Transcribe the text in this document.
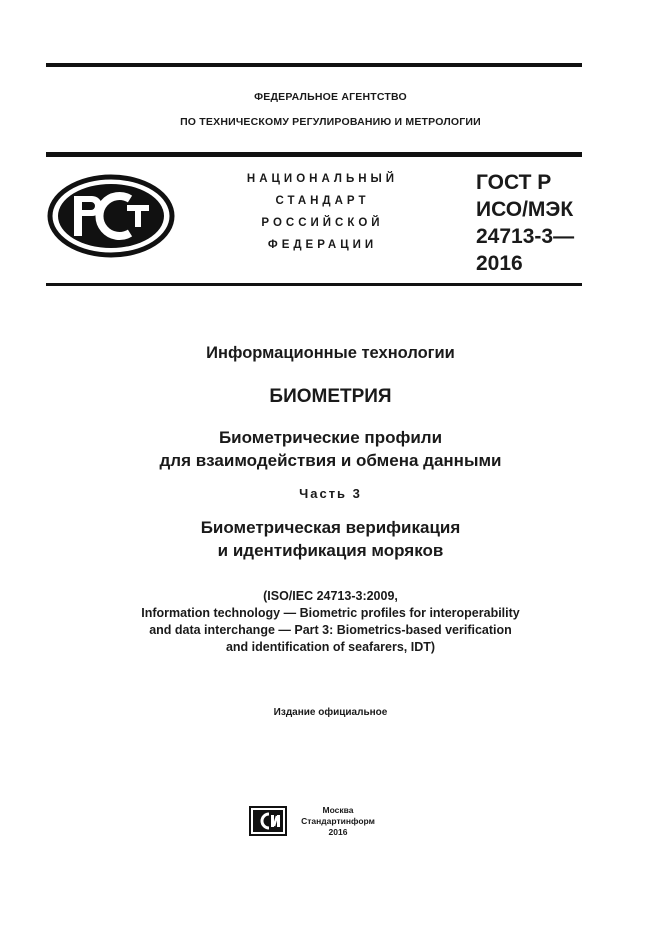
ФЕДЕРАЛЬНОЕ АГЕНТСТВО
ПО ТЕХНИЧЕСКОМУ РЕГУЛИРОВАНИЮ И МЕТРОЛОГИИ
НАЦИОНАЛЬНЫЙ
СТАНДАРТ
РОССИЙСКОЙ
ФЕДЕРАЦИИ
ГОСТ Р
ИСО/МЭК
24713-3—
2016
Информационные технологии
БИОМЕТРИЯ
Биометрические профили
для взаимодействия и обмена данными
Часть 3
Биометрическая верификация
и идентификация моряков
(ISO/IEC 24713-3:2009,
Information technology — Biometric profiles for interoperability
and data interchange — Part 3: Biometrics-based verification
and identification of seafarers, IDT)
Издание официальное
Москва
Стандартинформ
2016
